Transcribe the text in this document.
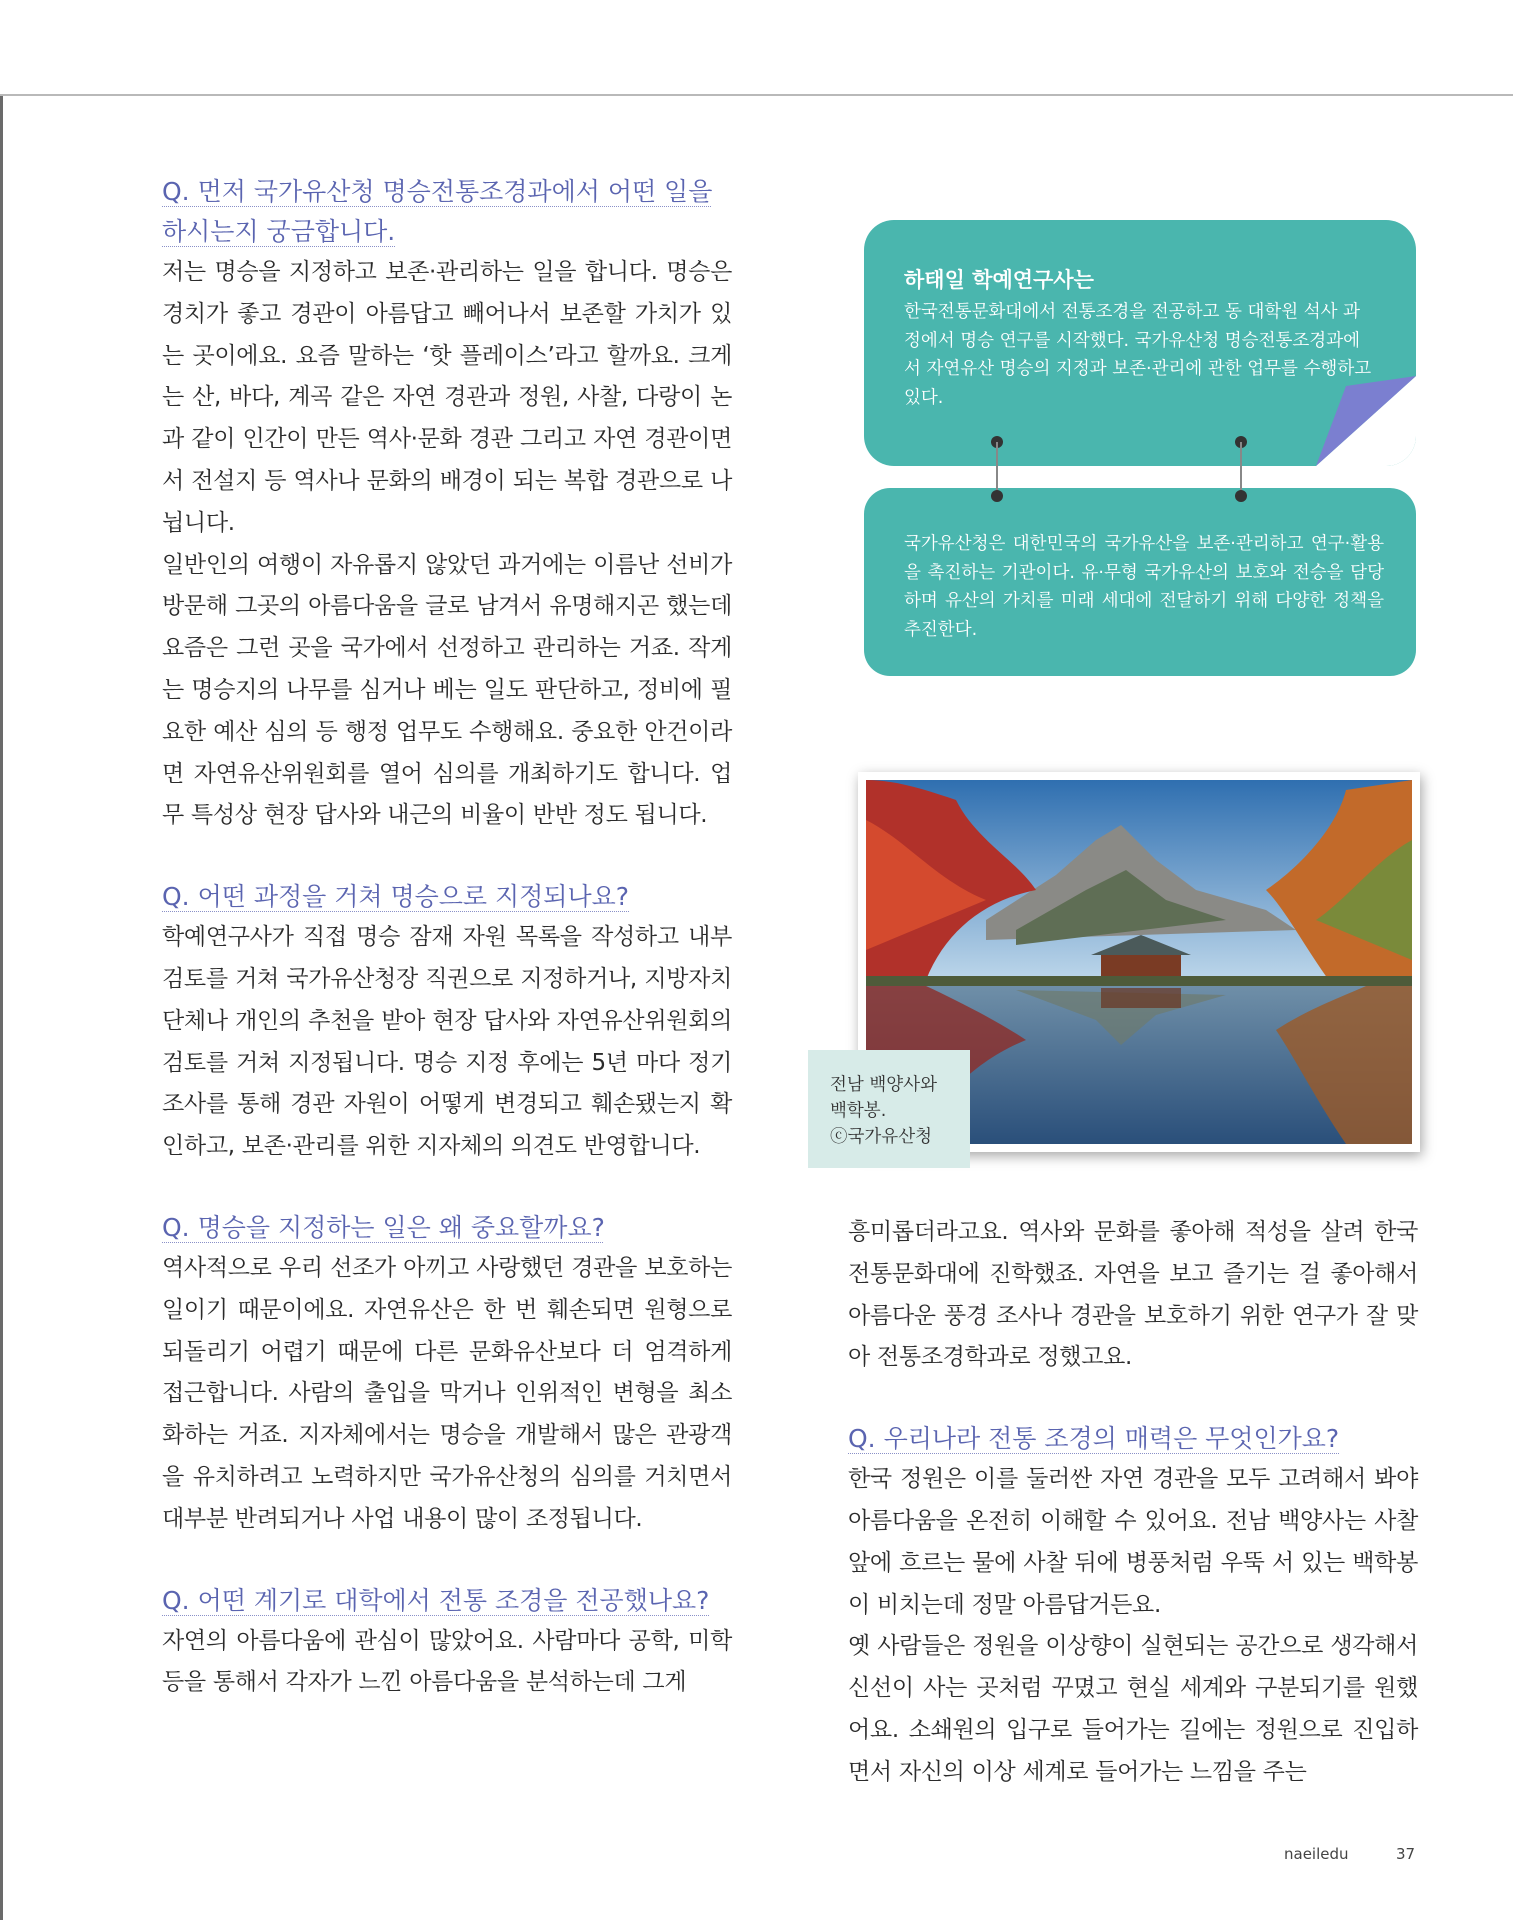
Q. 먼저 국가유산청 명승전통조경과에서 어떤 일을 하시는지 궁금합니다.

저는 명승을 지정하고 보존·관리하는 일을 합니다. 명승은 경치가 좋고 경관이 아름답고 빼어나서 보존할 가치가 있는 곳이에요. 요즘 말하는 ‘핫 플레이스’라고 할까요. 크게는 산, 바다, 계곡 같은 자연 경관과 정원, 사찰, 다랑이 논과 같이 인간이 만든 역사·문화 경관 그리고 자연 경관이면서 전설지 등 역사나 문화의 배경이 되는 복합 경관으로 나뉩니다.

일반인의 여행이 자유롭지 않았던 과거에는 이름난 선비가 방문해 그곳의 아름다움을 글로 남겨서 유명해지곤 했는데 요즘은 그런 곳을 국가에서 선정하고 관리하는 거죠. 작게는 명승지의 나무를 심거나 베는 일도 판단하고, 정비에 필요한 예산 심의 등 행정 업무도 수행해요. 중요한 안건이라면 자연유산위원회를 열어 심의를 개최하기도 합니다. 업무 특성상 현장 답사와 내근의 비율이 반반 정도 됩니다.

Q. 어떤 과정을 거쳐 명승으로 지정되나요?

학예연구사가 직접 명승 잠재 자원 목록을 작성하고 내부 검토를 거쳐 국가유산청장 직권으로 지정하거나, 지방자치단체나 개인의 추천을 받아 현장 답사와 자연유산위원회의 검토를 거쳐 지정됩니다. 명승 지정 후에는 5년 마다 정기 조사를 통해 경관 자원이 어떻게 변경되고 훼손됐는지 확인하고, 보존·관리를 위한 지자체의 의견도 반영합니다.

Q. 명승을 지정하는 일은 왜 중요할까요?

역사적으로 우리 선조가 아끼고 사랑했던 경관을 보호하는 일이기 때문이에요. 자연유산은 한 번 훼손되면 원형으로 되돌리기 어렵기 때문에 다른 문화유산보다 더 엄격하게 접근합니다. 사람의 출입을 막거나 인위적인 변형을 최소화하는 거죠. 지자체에서는 명승을 개발해서 많은 관광객을 유치하려고 노력하지만 국가유산청의 심의를 거치면서 대부분 반려되거나 사업 내용이 많이 조정됩니다.

Q. 어떤 계기로 대학에서 전통 조경을 전공했나요?

자연의 아름다움에 관심이 많았어요. 사람마다 공학, 미학 등을 통해서 각자가 느낀 아름다움을 분석하는데 그게

하태일 학예연구사는
한국전통문화대에서 전통조경을 전공하고 동 대학원 석사 과정에서 명승 연구를 시작했다. 국가유산청 명승전통조경과에서 자연유산 명승의 지정과 보존·관리에 관한 업무를 수행하고 있다.
국가유산청은 대한민국의 국가유산을 보존·관리하고 연구·활용을 촉진하는 기관이다. 유·무형 국가유산의 보호와 전승을 담당하며 유산의 가치를 미래 세대에 전달하기 위해 다양한 정책을 추진한다.
전남 백양사와
백학봉.
ⓒ국가유산청

흥미롭더라고요. 역사와 문화를 좋아해 적성을 살려 한국전통문화대에 진학했죠. 자연을 보고 즐기는 걸 좋아해서 아름다운 풍경 조사나 경관을 보호하기 위한 연구가 잘 맞아 전통조경학과로 정했고요.

Q. 우리나라 전통 조경의 매력은 무엇인가요?

한국 정원은 이를 둘러싼 자연 경관을 모두 고려해서 봐야 아름다움을 온전히 이해할 수 있어요. 전남 백양사는 사찰 앞에 흐르는 물에 사찰 뒤에 병풍처럼 우뚝 서 있는 백학봉이 비치는데 정말 아름답거든요.

옛 사람들은 정원을 이상향이 실현되는 공간으로 생각해서 신선이 사는 곳처럼 꾸몄고 현실 세계와 구분되기를 원했어요. 소쇄원의 입구로 들어가는 길에는 정원으로 진입하면서 자신의 이상 세계로 들어가는 느낌을 주는

naeiledu	37
